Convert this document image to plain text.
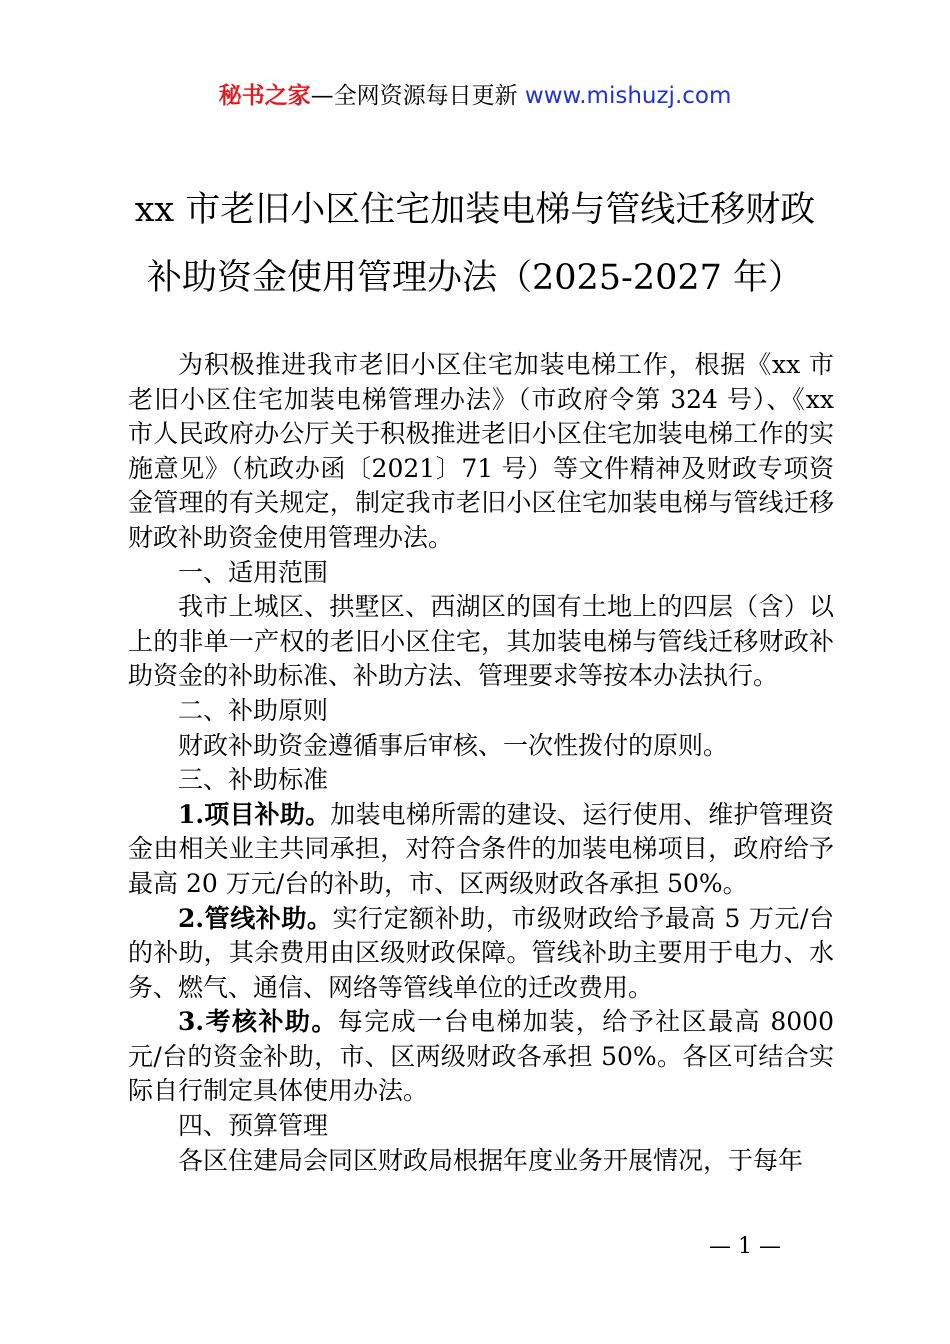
秘书之家—全网资源每日更新 www.mishuzj.com
xx 市老旧小区住宅加装电梯与管线迁移财政
补助资金使用管理办法（2025-2027 年）

为积极推进我市老旧小区住宅加装电梯工作，根据《xx 市老旧小区住宅加装电梯管理办法》（市政府令第 324 号）、《xx 市人民政府办公厅关于积极推进老旧小区住宅加装电梯工作的实施意见》（杭政办函〔2021〕71 号）等文件精神及财政专项资金管理的有关规定，制定我市老旧小区住宅加装电梯与管线迁移财政补助资金使用管理办法。

一、适用范围

我市上城区、拱墅区、西湖区的国有土地上的四层（含）以上的非单一产权的老旧小区住宅，其加装电梯与管线迁移财政补助资金的补助标准、补助方法、管理要求等按本办法执行。

二、补助原则

财政补助资金遵循事后审核、一次性拨付的原则。

三、补助标准

1.项目补助。加装电梯所需的建设、运行使用、维护管理资金由相关业主共同承担，对符合条件的加装电梯项目，政府给予最高 20 万元/台的补助，市、区两级财政各承担 50%。

2.管线补助。实行定额补助，市级财政给予最高 5 万元/台的补助，其余费用由区级财政保障。管线补助主要用于电力、水务、燃气、通信、网络等管线单位的迁改费用。

3.考核补助。每完成一台电梯加装，给予社区最高 8000 元/台的资金补助，市、区两级财政各承担 50%。各区可结合实际自行制定具体使用办法。

四、预算管理

各区住建局会同区财政局根据年度业务开展情况，于每年

— 1 —
